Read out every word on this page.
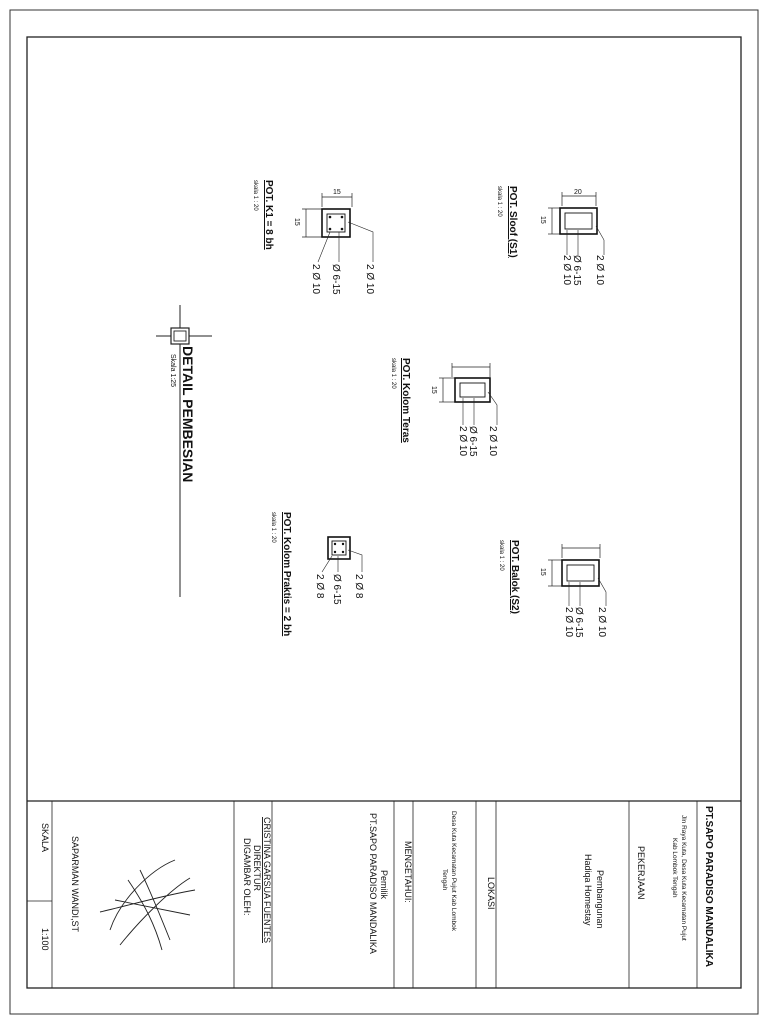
DETAIL PEMBESIAN
Skala 1:25
POT. Sloof (S1)
skala 1 : 20	20
15
2 Ø 10
Ø 6-15
2 Ø 10
POT. K1 = 8 bh
skala 1 : 20	15
15
2 Ø 10
Ø 6-15
2 Ø 10
POT. Kolom Teras
skala 1 : 20
15
2 Ø 10
Ø 6-15
2 Ø 10
POT. Balok (S2)
skala 1 : 20
15
2 Ø 10
Ø 6-15
2 Ø 10
POT. Kolom Praktis = 2 bh
skala 1 : 20
2 Ø 8
Ø 6-15
2 Ø 8
PT.SAPO PARADISO MANDALIKA
Jln Raya Kuta, Desa Kuta Kecamatan Pujut
Kab Lombok Tengah
PEKERJAAN
Pembangunan
Hadiqa Homestay
LOKASI
Desa Kuta Kecamatan Pujut Kab Lombok
Tengah
MENGETAHUI:
Pemilik
PT.SAPO PARADISO MANDALIKA
CRISTINA GARSUA FUENTES
DIREKTUR
DIGAMBAR OLEH:
SAPARMAN WANDI,ST
SKALA
1:100
